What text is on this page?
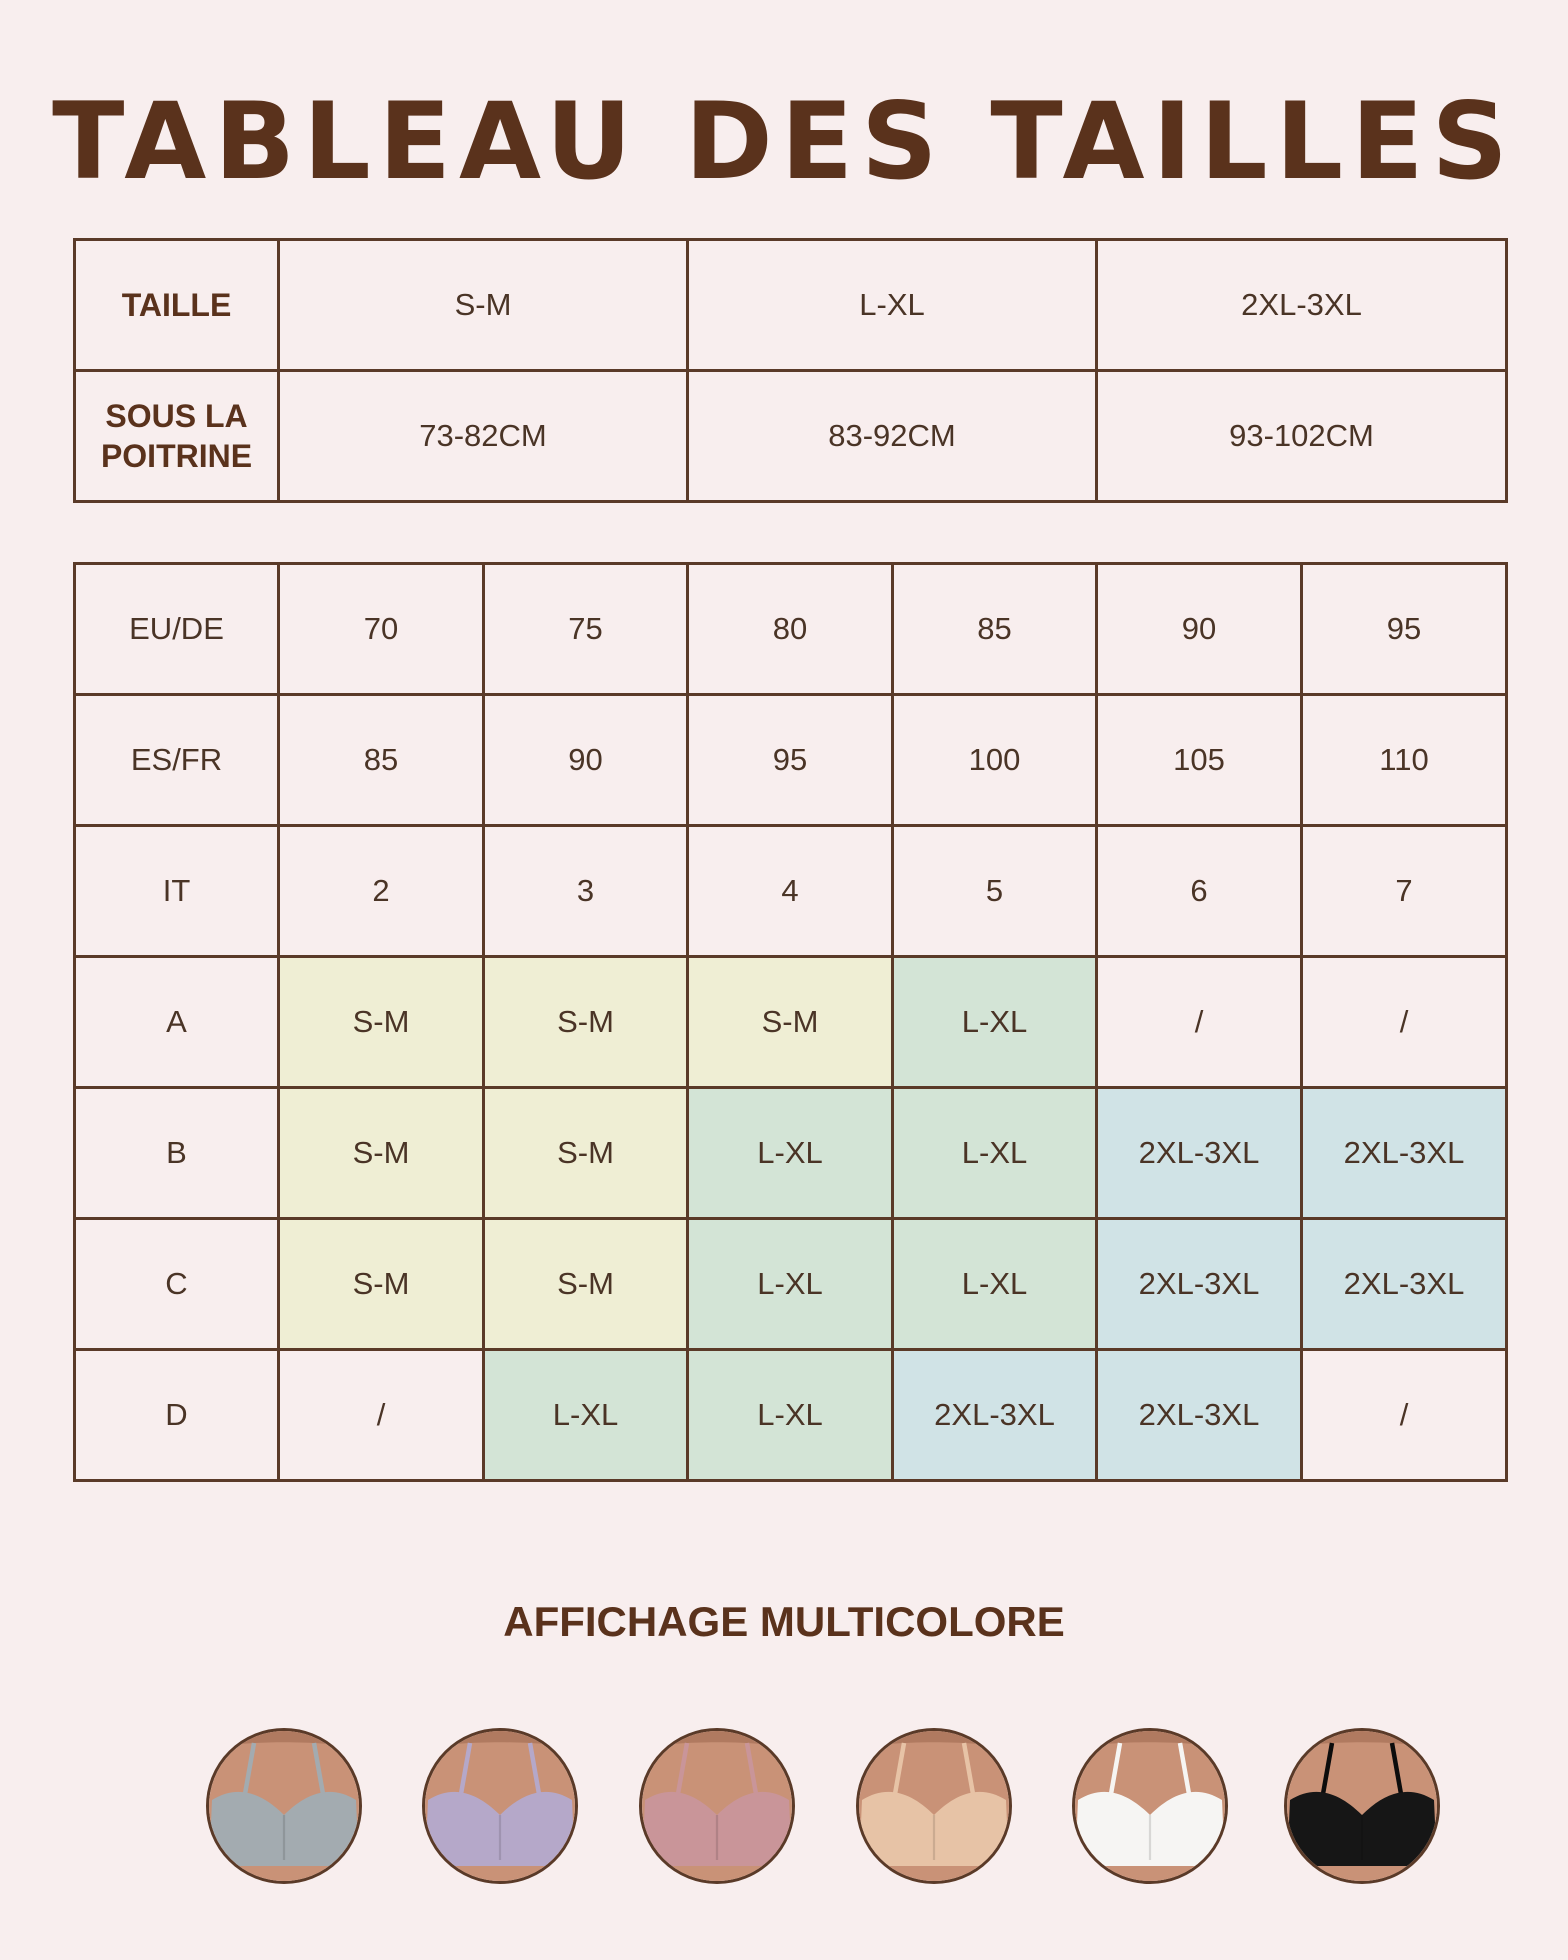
TABLEAU DES TAILLES
TAILLE	S-M	L-XL	2XL-3XL

SOUS LA
POITRINE	73-82CM	83-92CM	93-102CM
EU/DE	70	75	80	85	90	95
ES/FR	85	90	95	100	105	110
IT	2	3	4	5	6	7
A	S-M	S-M	S-M	L-XL	/	/
B	S-M	S-M	L-XL	L-XL	2XL-3XL	2XL-3XL
C	S-M	S-M	L-XL	L-XL	2XL-3XL	2XL-3XL
D	/	L-XL	L-XL	2XL-3XL	2XL-3XL	/
AFFICHAGE MULTICOLORE
